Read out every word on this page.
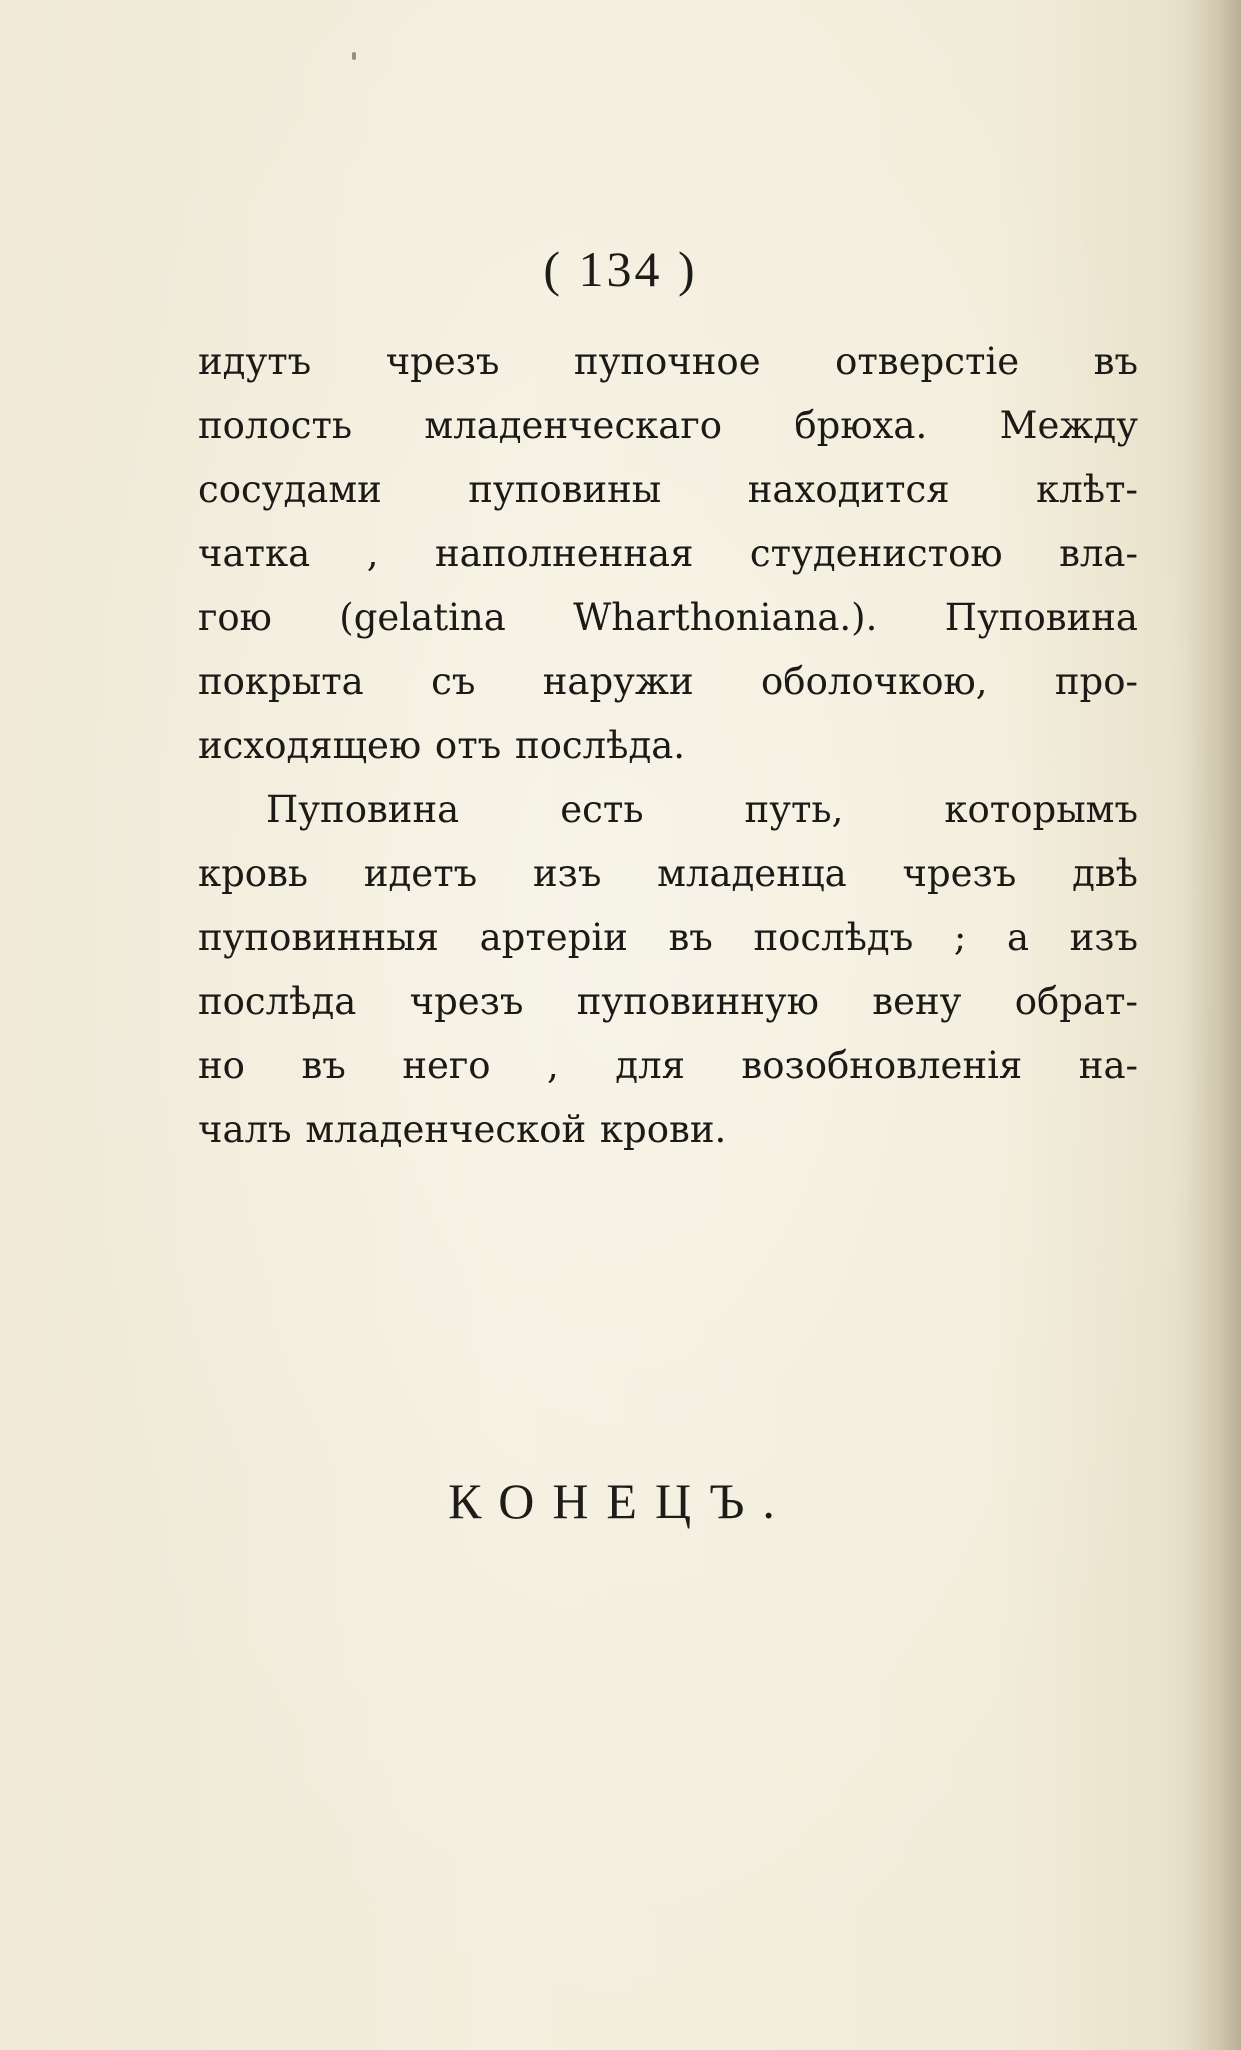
( 134 )
идутъ чрезъ пупочное отверстіе въ
полость младенческаго брюха. Между
сосудами пуповины находится клѣт-
чатка , наполненная студенистою вла-
гою (gelatina Wharthoniana.). Пуповина
покрыта съ наружи оболочкою, про-
исходящею отъ послѣда.
Пуповина есть путь, которымъ
кровь идетъ изъ младенца чрезъ двѣ
пуповинныя артеріи въ послѣдъ ; а изъ
послѣда чрезъ пуповинную вену обрат-
но въ него , для возобновленія на-
чалъ младенческой крови.
КОНЕЦЪ.
